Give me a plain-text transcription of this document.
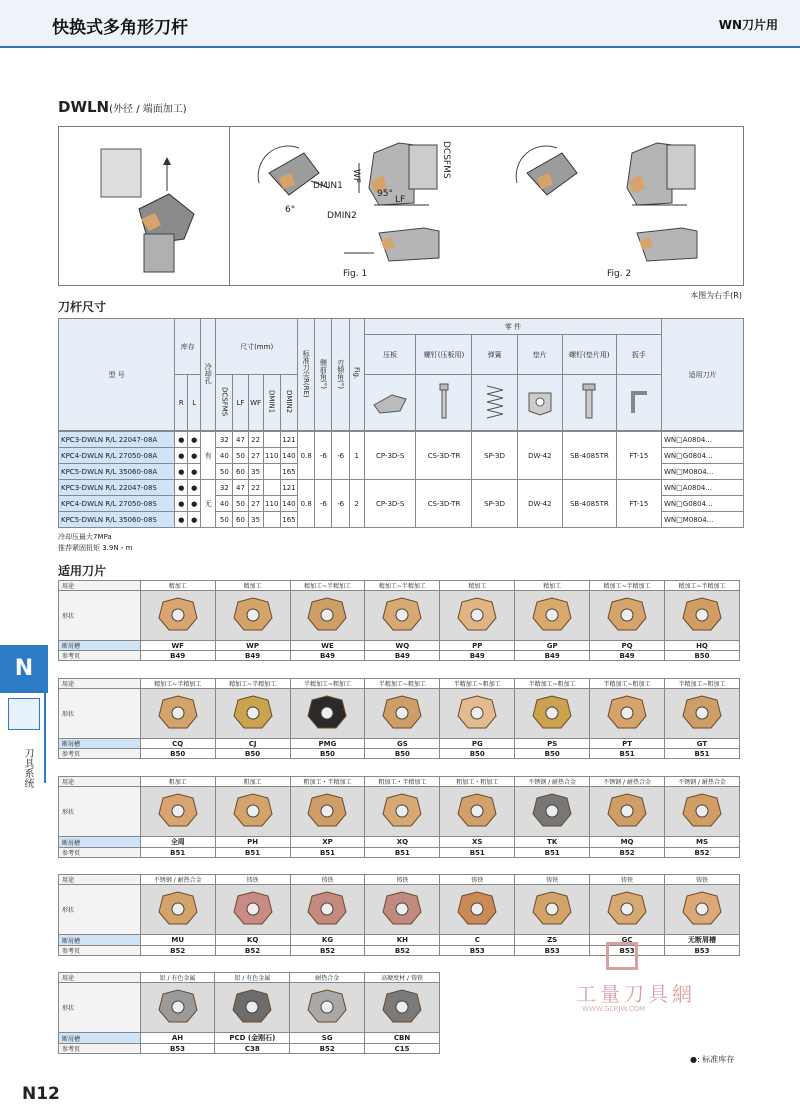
快换式多角形刀杆	WN刀片用
DWLN(外径 / 端面加工)
DMIN1
DMIN2
WF
LF
DCSFMS
95°
6°
Fig. 1	Fig. 2
本图为右手(R)
刀杆尺寸
型 号	库存		冷却孔	尺寸(mm)					标准刀尖R(RE)	侧前角(°)	刃倾角(°)	Fig.	零 件						适用刀片
													压板	螺钉(压板用)	弹簧	垫片	螺钉(垫片用)	扳手	
	R	L		DCSFMS	LF	WF	DMIN1	DMIN2						
KPC3-DWLN R/L 22047-08A	●	●	有	32	47	22		121	0.8	-6	-6	1	CP-3D-S	CS-3D-TR	SP-3D	DW-42	SB-4085TR	FT-15	WN□A0804...
KPC4-DWLN R/L 27050-08A	●	●		40	50	27	110	140											WN□G0804...
KPC5-DWLN R/L 35060-08A	●	●		50	60	35		165											WN□M0804...
KPC3-DWLN R/L 22047-08S	●	●	无	32	47	22		121	0.8	-6	-6	2	CP-3D-S	CS-3D-TR	SP-3D	DW-42	SB-4085TR	FT-15	WN□A0804...
KPC4-DWLN R/L 27050-08S	●	●		40	50	27	110	140											WN□G0804...
KPC5-DWLN R/L 35060-08S	●	●		50	60	35		165											WN□M0804...
冷却压最大7MPa
推荐紧固扭矩 3.9N・m
适用刀片
用途	精加工	精加工	精加工~半精加工	精加工~半精加工	精加工	精加工	精加工~半精加工	精加工~半精加工
形状								
断屑槽	WF	WP	WE	WQ	PP	GP	PQ	HQ
参考页	B49	B49	B49	B49	B49	B49	B49	B50
用途	精加工~半精加工	精加工~半精加工	半精加工~粗加工	半精加工~粗加工	半精加工~粗加工	半精加工~粗加工	半精加工~粗加工	半精加工~粗加工
形状								
断屑槽	CQ	CJ	PMG	GS	PG	PS	PT	GT
参考页	B50	B50	B50	B50	B50	B50	B51	B51
用途	粗加工	粗加工	粗加工・半精加工	粗加工・半精加工	粗加工・粗加工	不锈钢 / 耐热合金	不锈钢 / 耐热合金	不锈钢 / 耐热合金
形状								
断屑槽	全周	PH	XP	XQ	XS	TK	MQ	MS
参考页	B51	B51	B51	B51	B51	B51	B52	B52
用途	不锈钢 / 耐热合金	铸铁	铸铁	铸铁	铸铁	铸铁	铸铁	铸铁
形状								
断屑槽	MU	KQ	KG	KH	C	ZS	GC	无断屑槽
参考页	B52	B52	B52	B52	B53	B53	B53	B53
用途	铝 / 有色金属	铝 / 有色金属	耐热合金	高硬度材 / 铸铁
形状				
断屑槽	AH	PCD (金刚石)	SG	CBN
参考页	B53	C38	B52	C15
N
刀具系统
工量刀具網
WWW.GLRJW.COM
●: 标准库存
N12
